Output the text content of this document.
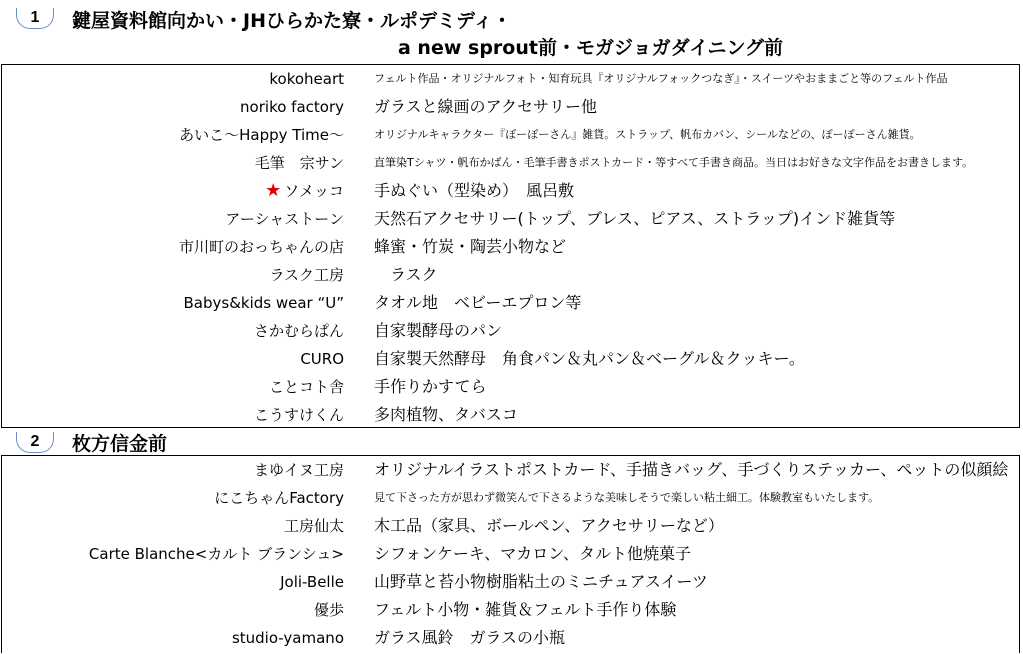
1 鍵屋資料館向かい・JHひらかた寮・ルポデミディ・
a new sprout前・モガジョガダイニング前
kokoheart	フェルト作品・オリジナルフォト・知育玩具『オリジナルフォックつなぎ』・スイーツやおままごと等のフェルト作品
noriko factory ガラスと線画のアクセサリー他
あいこ～Happy Time～	オリジナルキャラクター『ぽーぽーさん』雑貨。ストラップ、帆布カバン、シールなどの、ぽーぽーさん雑貨。
毛筆　宗サン	直筆染Tシャツ・帆布かばん・毛筆手書きポストカード・等すべて手書き商品。当日はお好きな文字作品をお書きします。
★ ソメッコ 手ぬぐい（型染め）　風呂敷
アーシャストーン 天然石アクセサリー(トップ、ブレス、ピアス、ストラップ)インド雑貨等
市川町のおっちゃんの店 蜂蜜・竹炭・陶芸小物など
ラスク工房 　ラスク
Babys&kids wear “U” タオル地　ベビーエプロン等
さかむらぱん 自家製酵母のパン
CURO 自家製天然酵母　角食パン＆丸パン＆ベーグル＆クッキー。
ことコト舎 手作りかすてら
こうすけくん 多肉植物、タバスコ
2 枚方信金前
まゆイヌ工房 オリジナルイラストポストカード、手描きバッグ、手づくりステッカー、ペットの似顔絵
にこちゃんFactory	見て下さった方が思わず微笑んで下さるような美味しそうで楽しい粘土細工。体験教室もいたします。
工房仙太 木工品（家具、ボールペン、アクセサリーなど）
Carte Blanche<カルト ブランシュ> シフォンケーキ、マカロン、タルト他焼菓子
Joli-Belle 山野草と苔小物樹脂粘土のミニチュアスイーツ
優歩 フェルト小物・雑貨＆フェルト手作り体験
studio-yamano ガラス風鈴　ガラスの小瓶
